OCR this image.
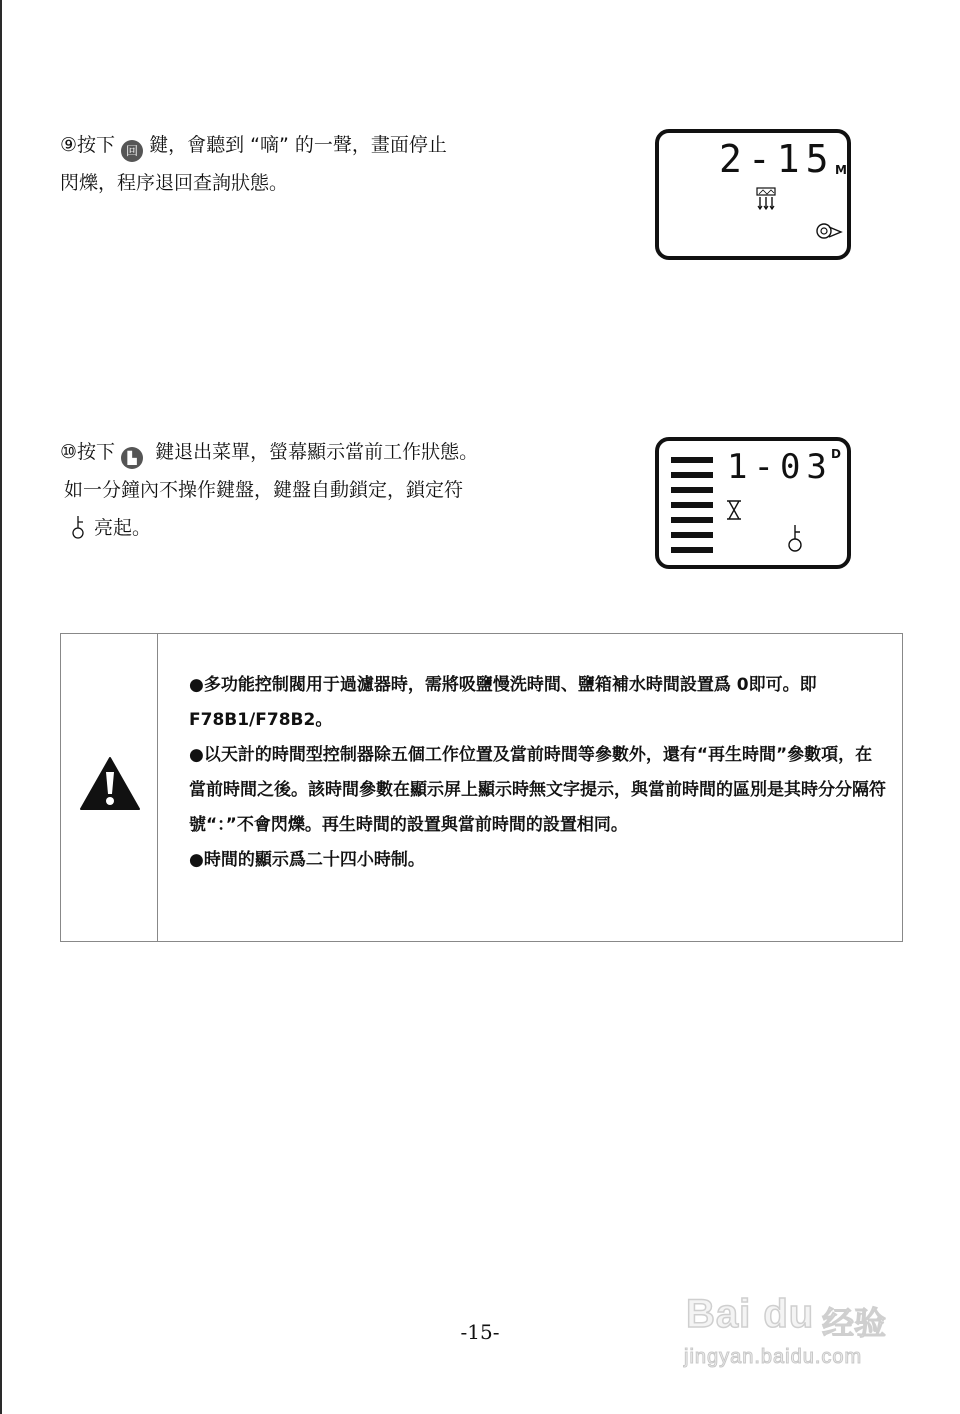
⑨按下 回 鍵，會聽到 “嘀” 的一聲，畫面停止
閃爍，程序退回查詢狀態。
2-15 M
⑩按下 ▙ 鍵退出菜單，螢幕顯示當前工作狀態。
如一分鐘內不操作鍵盤，鍵盤自動鎖定，鎖定符
亮起。
1-03
D

●多功能控制閥用于過濾器時，需將吸鹽慢洗時間、鹽箱補水時間設置爲 0即可。即F78B1/F78B2。

●以天計的時間型控制器除五個工作位置及當前時間等參數外，還有“再生時間”參數項，在當前時間之後。該時間參數在顯示屏上顯示時無文字提示，與當前時間的區別是其時分分隔符號“：”不會閃爍。再生時間的設置與當前時間的設置相同。

●時間的顯示爲二十四小時制。

-15-	Bai du 经验
jingyan.baidu.com
